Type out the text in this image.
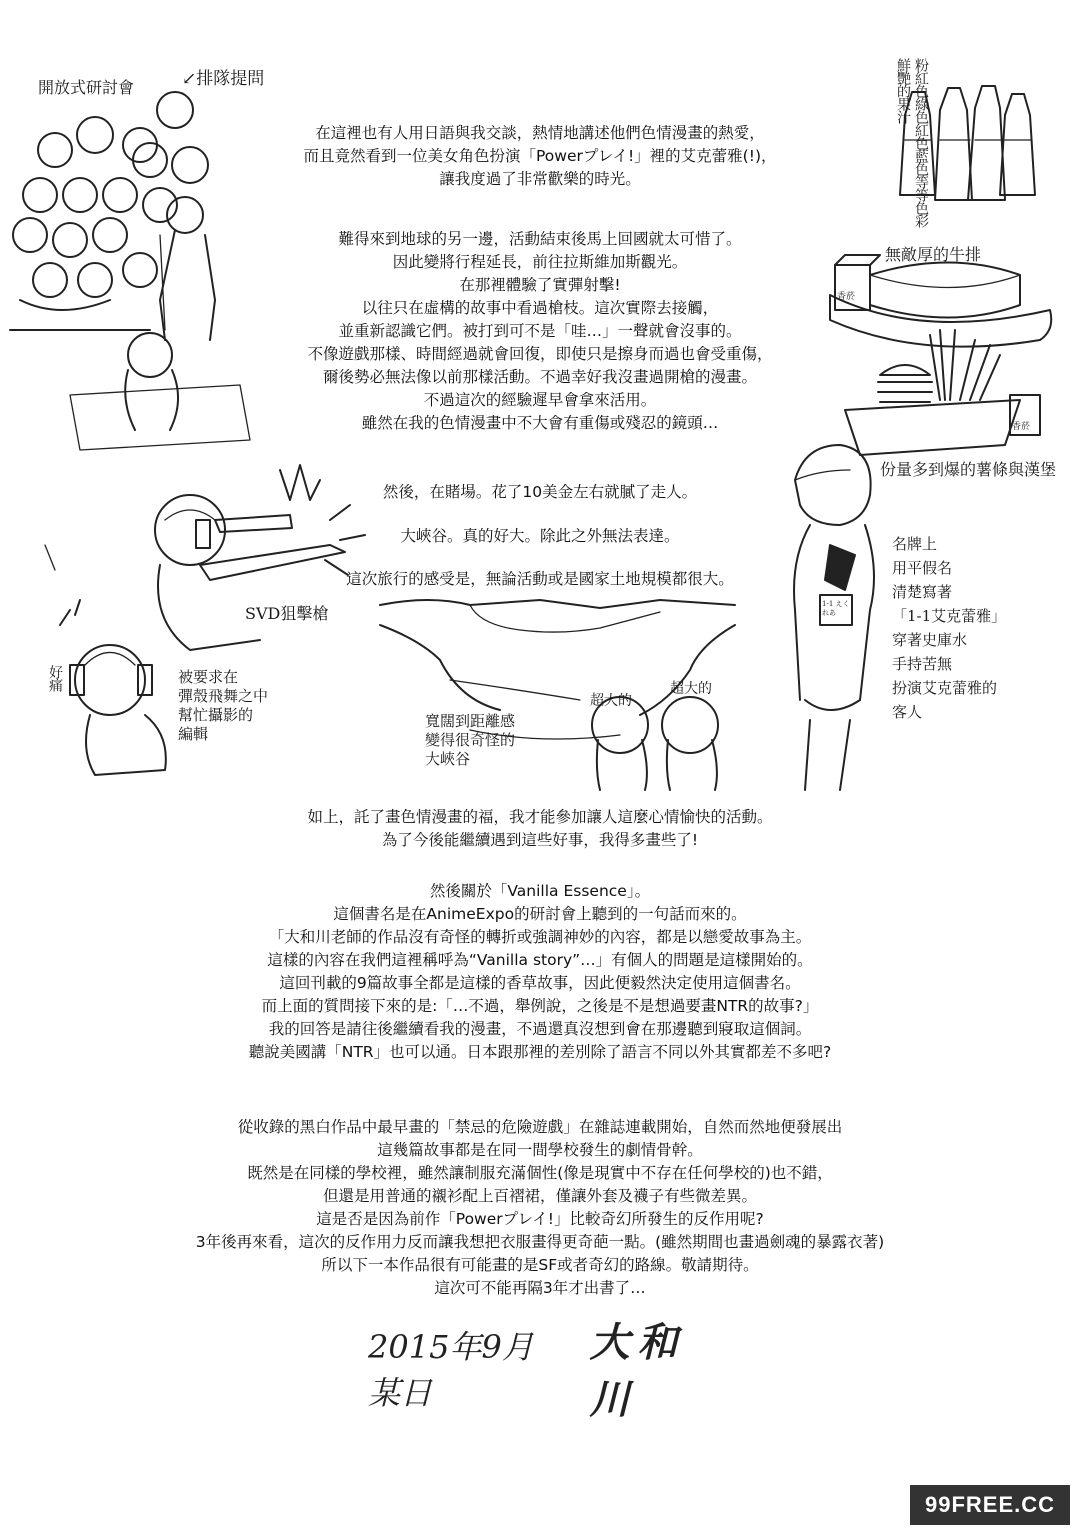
開放式研討會	↙排隊提問	粉紅色綠色紅色藍色等等色彩鮮艷的果汁
無敵厚的牛排
香菸
香菸
份量多到爆的薯條與漢堡
SVD狙擊槍
好痛	被要求在
彈殼飛舞之中
幫忙攝影的
編輯
寬闊到距離感
變得很奇怪的
大峽谷
超大的
超大的
1-1 えくれあ
名牌上
用平假名
清楚寫著
「1-1艾克蕾雅」
穿著史庫水
手持苦無
扮演艾克蕾雅的
客人
在這裡也有人用日語與我交談，熱情地講述他們色情漫畫的熱愛，
而且竟然看到一位美女角色扮演「Powerプレイ!」裡的艾克蕾雅(!)，
讓我度過了非常歡樂的時光。
難得來到地球的另一邊，活動結束後馬上回國就太可惜了。
因此變將行程延長，前往拉斯維加斯觀光。
在那裡體驗了實彈射擊!
以往只在虛構的故事中看過槍枝。這次實際去接觸，
並重新認識它們。被打到可不是「哇…」一聲就會沒事的。
不像遊戲那樣、時間經過就會回復，即使只是擦身而過也會受重傷，
爾後勢必無法像以前那樣活動。不過幸好我沒畫過開槍的漫畫。
不過這次的經驗遲早會拿來活用。
雖然在我的色情漫畫中不大會有重傷或殘忍的鏡頭…
然後，在賭場。花了10美金左右就膩了走人。
大峽谷。真的好大。除此之外無法表達。
這次旅行的感受是，無論活動或是國家土地規模都很大。
如上，託了畫色情漫畫的福，我才能參加讓人這麼心情愉快的活動。
為了今後能繼續遇到這些好事，我得多畫些了!
然後關於「Vanilla Essence」。
這個書名是在AnimeExpo的研討會上聽到的一句話而來的。
「大和川老師的作品沒有奇怪的轉折或強調神妙的內容，都是以戀愛故事為主。
這樣的內容在我們這裡稱呼為“Vanilla story”…」有個人的問題是這樣開始的。
這回刊載的9篇故事全都是這樣的香草故事，因此便毅然決定使用這個書名。
而上面的質問接下來的是:「…不過，舉例說，之後是不是想過要畫NTR的故事?」
我的回答是請往後繼續看我的漫畫，不過還真沒想到會在那邊聽到寢取這個詞。
聽說美國講「NTR」也可以通。日本跟那裡的差別除了語言不同以外其實都差不多吧?
從收錄的黑白作品中最早畫的「禁忌的危險遊戲」在雜誌連載開始，自然而然地便發展出
這幾篇故事都是在同一間學校發生的劇情骨幹。
既然是在同樣的學校裡，雖然讓制服充滿個性(像是現實中不存在任何學校的)也不錯，
但還是用普通的襯衫配上百褶裙，僅讓外套及襪子有些微差異。
這是否是因為前作「Powerプレイ!」比較奇幻所發生的反作用呢?
3年後再來看，這次的反作用力反而讓我想把衣服畫得更奇葩一點。(雖然期間也畫過劍魂的暴露衣著)
所以下一本作品很有可能畫的是SF或者奇幻的路線。敬請期待。
這次可不能再隔3年才出書了…
2015年9月某日
大和川
99FREE.CC
